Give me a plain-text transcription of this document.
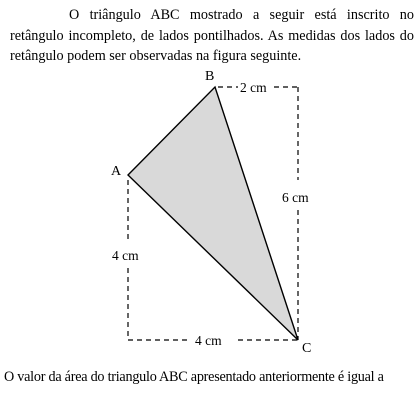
O triângulo ABC mostrado a seguir está inscrito no retângulo incompleto, de lados pontilhados. As medidas dos lados do retângulo podem ser observadas na figura seguinte.

A
B
C
2 cm
6 cm
4 cm
4 cm

O valor da área do triangulo ABC apresentado anteriormente é igual a
